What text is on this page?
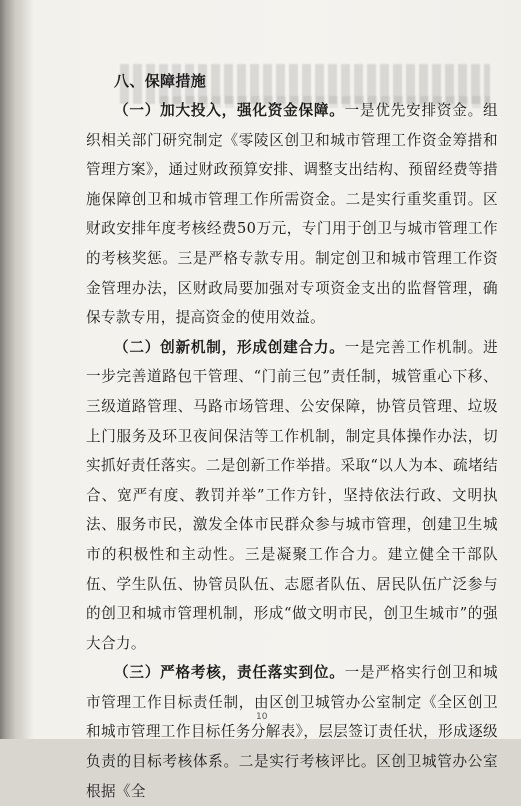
八、保障措施

（一）加大投入，强化资金保障。一是优先安排资金。组织相关部门研究制定《零陵区创卫和城市管理工作资金筹措和管理方案》，通过财政预算安排、调整支出结构、预留经费等措施保障创卫和城市管理工作所需资金。二是实行重奖重罚。区财政安排年度考核经费50万元，专门用于创卫与城市管理工作的考核奖惩。三是严格专款专用。制定创卫和城市管理工作资金管理办法，区财政局要加强对专项资金支出的监督管理，确保专款专用，提高资金的使用效益。

（二）创新机制，形成创建合力。一是完善工作机制。进一步完善道路包干管理、“门前三包”责任制，城管重心下移、三级道路管理、马路市场管理、公安保障，协管员管理、垃圾上门服务及环卫夜间保洁等工作机制，制定具体操作办法，切实抓好责任落实。二是创新工作举措。采取“以人为本、疏堵结合、宽严有度、教罚并举”工作方针，坚持依法行政、文明执法、服务市民，激发全体市民群众参与城市管理，创建卫生城市的积极性和主动性。三是凝聚工作合力。建立健全干部队伍、学生队伍、协管员队伍、志愿者队伍、居民队伍广泛参与的创卫和城市管理机制，形成“做文明市民，创卫生城市”的强大合力。

（三）严格考核，责任落实到位。一是严格实行创卫和城市管理工作目标责任制，由区创卫城管办公室制定《全区创卫和城市管理工作目标任务分解表》，层层签订责任状，形成逐级负责的目标考核体系。二是实行考核评比。区创卫城管办公室根据《全

10
